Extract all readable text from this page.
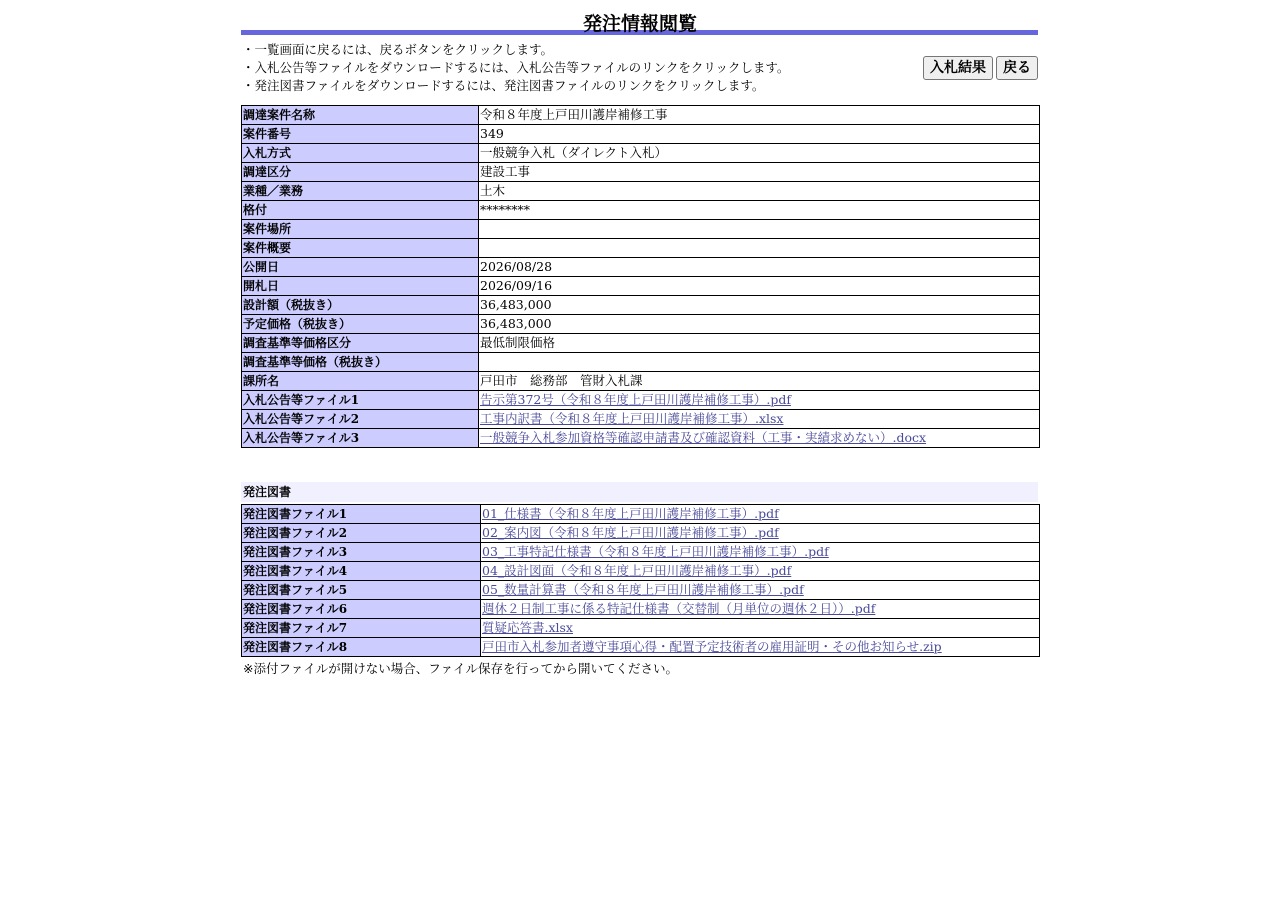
発注情報閲覧
・一覧画面に戻るには、戻るボタンをクリックします。
・入札公告等ファイルをダウンロードするには、入札公告等ファイルのリンクをクリックします。
・発注図書ファイルをダウンロードするには、発注図書ファイルのリンクをクリックします。
入札結果 戻る
調達案件名称	令和８年度上戸田川護岸補修工事
案件番号	349
入札方式	一般競争入札（ダイレクト入札）
調達区分	建設工事
業種／業務	土木
格付	********
案件場所	
案件概要	
公開日	2026/08/28
開札日	2026/09/16
設計額（税抜き）	36,483,000
予定価格（税抜き）	36,483,000
調査基準等価格区分	最低制限価格
調査基準等価格（税抜き）	
課所名	戸田市　総務部　管財入札課
入札公告等ファイル1	告示第372号（令和８年度上戸田川護岸補修工事）.pdf
入札公告等ファイル2	工事内訳書（令和８年度上戸田川護岸補修工事）.xlsx
入札公告等ファイル3	一般競争入札参加資格等確認申請書及び確認資料（工事・実績求めない）.docx
発注図書
発注図書ファイル1	01_仕様書（令和８年度上戸田川護岸補修工事）.pdf
発注図書ファイル2	02_案内図（令和８年度上戸田川護岸補修工事）.pdf
発注図書ファイル3	03_工事特記仕様書（令和８年度上戸田川護岸補修工事）.pdf
発注図書ファイル4	04_設計図面（令和８年度上戸田川護岸補修工事）.pdf
発注図書ファイル5	05_数量計算書（令和８年度上戸田川護岸補修工事）.pdf
発注図書ファイル6	週休２日制工事に係る特記仕様書（交替制（月単位の週休２日））.pdf
発注図書ファイル7	質疑応答書.xlsx
発注図書ファイル8	戸田市入札参加者遵守事項心得・配置予定技術者の雇用証明・その他お知らせ.zip
※添付ファイルが開けない場合、ファイル保存を行ってから開いてください。
